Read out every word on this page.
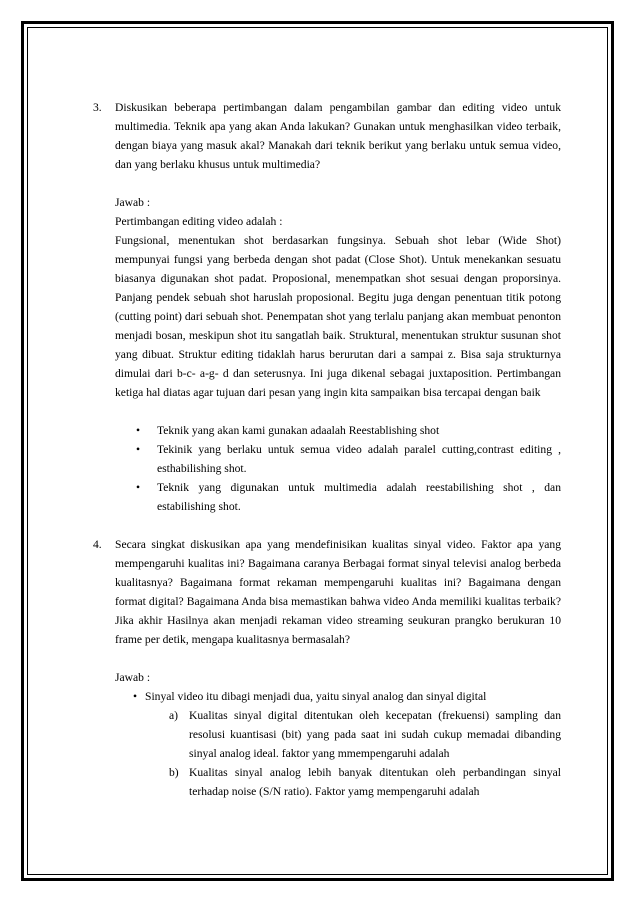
3.	Diskusikan beberapa pertimbangan dalam pengambilan gambar dan editing video untuk multimedia. Teknik apa yang akan Anda lakukan? Gunakan untuk menghasilkan video terbaik, dengan biaya yang masuk akal? Manakah dari teknik berikut yang berlaku untuk semua video, dan yang berlaku khusus untuk multimedia?

Jawab :

Pertimbangan editing video adalah :

Fungsional, menentukan shot berdasarkan fungsinya. Sebuah shot lebar (Wide Shot) mempunyai fungsi yang berbeda dengan shot padat (Close Shot). Untuk menekankan sesuatu biasanya digunakan shot padat. Proposional, menempatkan shot sesuai dengan proporsinya. Panjang pendek sebuah shot haruslah proposional. Begitu juga dengan penentuan titik potong (cutting point) dari sebuah shot. Penempatan shot yang terlalu panjang akan membuat penonton menjadi bosan, meskipun shot itu sangatlah baik. Struktural, menentukan struktur susunan shot yang dibuat. Struktur editing tidaklah harus berurutan dari a sampai z. Bisa saja strukturnya dimulai dari b-c- a-g- d dan seterusnya. Ini juga dikenal sebagai juxtaposition. Pertimbangan ketiga hal diatas agar tujuan dari pesan yang ingin kita sampaikan bisa tercapai dengan baik

•	Teknik yang akan kami gunakan adaalah Reestablishing shot
•	Tekinik yang berlaku untuk semua video adalah paralel cutting,contrast editing , esthabilishing shot.
•	Teknik yang digunakan untuk multimedia adalah reestabilishing shot , dan estabilishing shot.
4.	Secara singkat diskusikan apa yang mendefinisikan kualitas sinyal video. Faktor apa yang mempengaruhi kualitas ini? Bagaimana caranya Berbagai format sinyal televisi analog berbeda kualitasnya? Bagaimana format rekaman mempengaruhi kualitas ini? Bagaimana dengan format digital? Bagaimana Anda bisa memastikan bahwa video Anda memiliki kualitas terbaik? Jika akhir Hasilnya akan menjadi rekaman video streaming seukuran prangko berukuran 10 frame per detik, mengapa kualitasnya bermasalah?

Jawab :

• Sinyal video itu dibagi menjadi dua, yaitu sinyal analog dan sinyal digital
a) Kualitas sinyal digital ditentukan oleh kecepatan (frekuensi) sampling dan resolusi kuantisasi (bit) yang pada saat ini sudah cukup memadai dibanding sinyal analog ideal. faktor yang mmempengaruhi adalah
b) Kualitas sinyal analog lebih banyak ditentukan oleh perbandingan sinyal terhadap noise (S/N ratio). Faktor yamg mempengaruhi adalah
